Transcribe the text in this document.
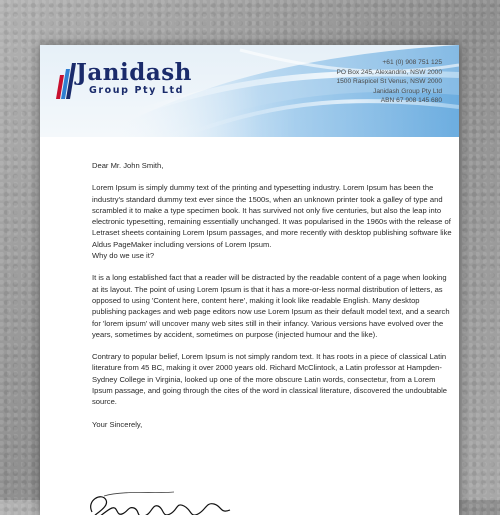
Janidash
Group Pty Ltd
+61 (0) 908 751 125
PO Box 245, Alexandrio, NSW 2000
1500 Raspicel St Venus, NSW 2000
Janidash Group Pty Ltd
ABN 67 908 145 680

Dear Mr. John Smith,

Lorem Ipsum is simply dummy text of the printing and typesetting industry. Lorem Ipsum has been the industry's standard dummy text ever since the 1500s, when an unknown printer took a galley of type and scrambled it to make a type specimen book. It has survived not only five centuries, but also the leap into electronic typesetting, remaining essentially unchanged. It was popularised in the 1960s with the release of Letraset sheets containing Lorem Ipsum passages, and more recently with desktop publishing software like Aldus PageMaker including versions of Lorem Ipsum.

Why do we use it?

It is a long established fact that a reader will be distracted by the readable content of a page when looking at its layout. The point of using Lorem Ipsum is that it has a more-or-less normal distribution of letters, as opposed to using 'Content here, content here', making it look like readable English. Many desktop publishing packages and web page editors now use Lorem Ipsum as their default model text, and a search for 'lorem ipsum' will uncover many web sites still in their infancy. Various versions have evolved over the years, sometimes by accident, sometimes on purpose (injected humour and the like).

Contrary to popular belief, Lorem Ipsum is not simply random text. It has roots in a piece of classical Latin literature from 45 BC, making it over 2000 years old. Richard McClintock, a Latin professor at Hampden-Sydney College in Virginia, looked up one of the more obscure Latin words, consectetur, from a Lorem Ipsum passage, and going through the cites of the word in classical literature, discovered the undoubtable source.

Your Sincerely,
